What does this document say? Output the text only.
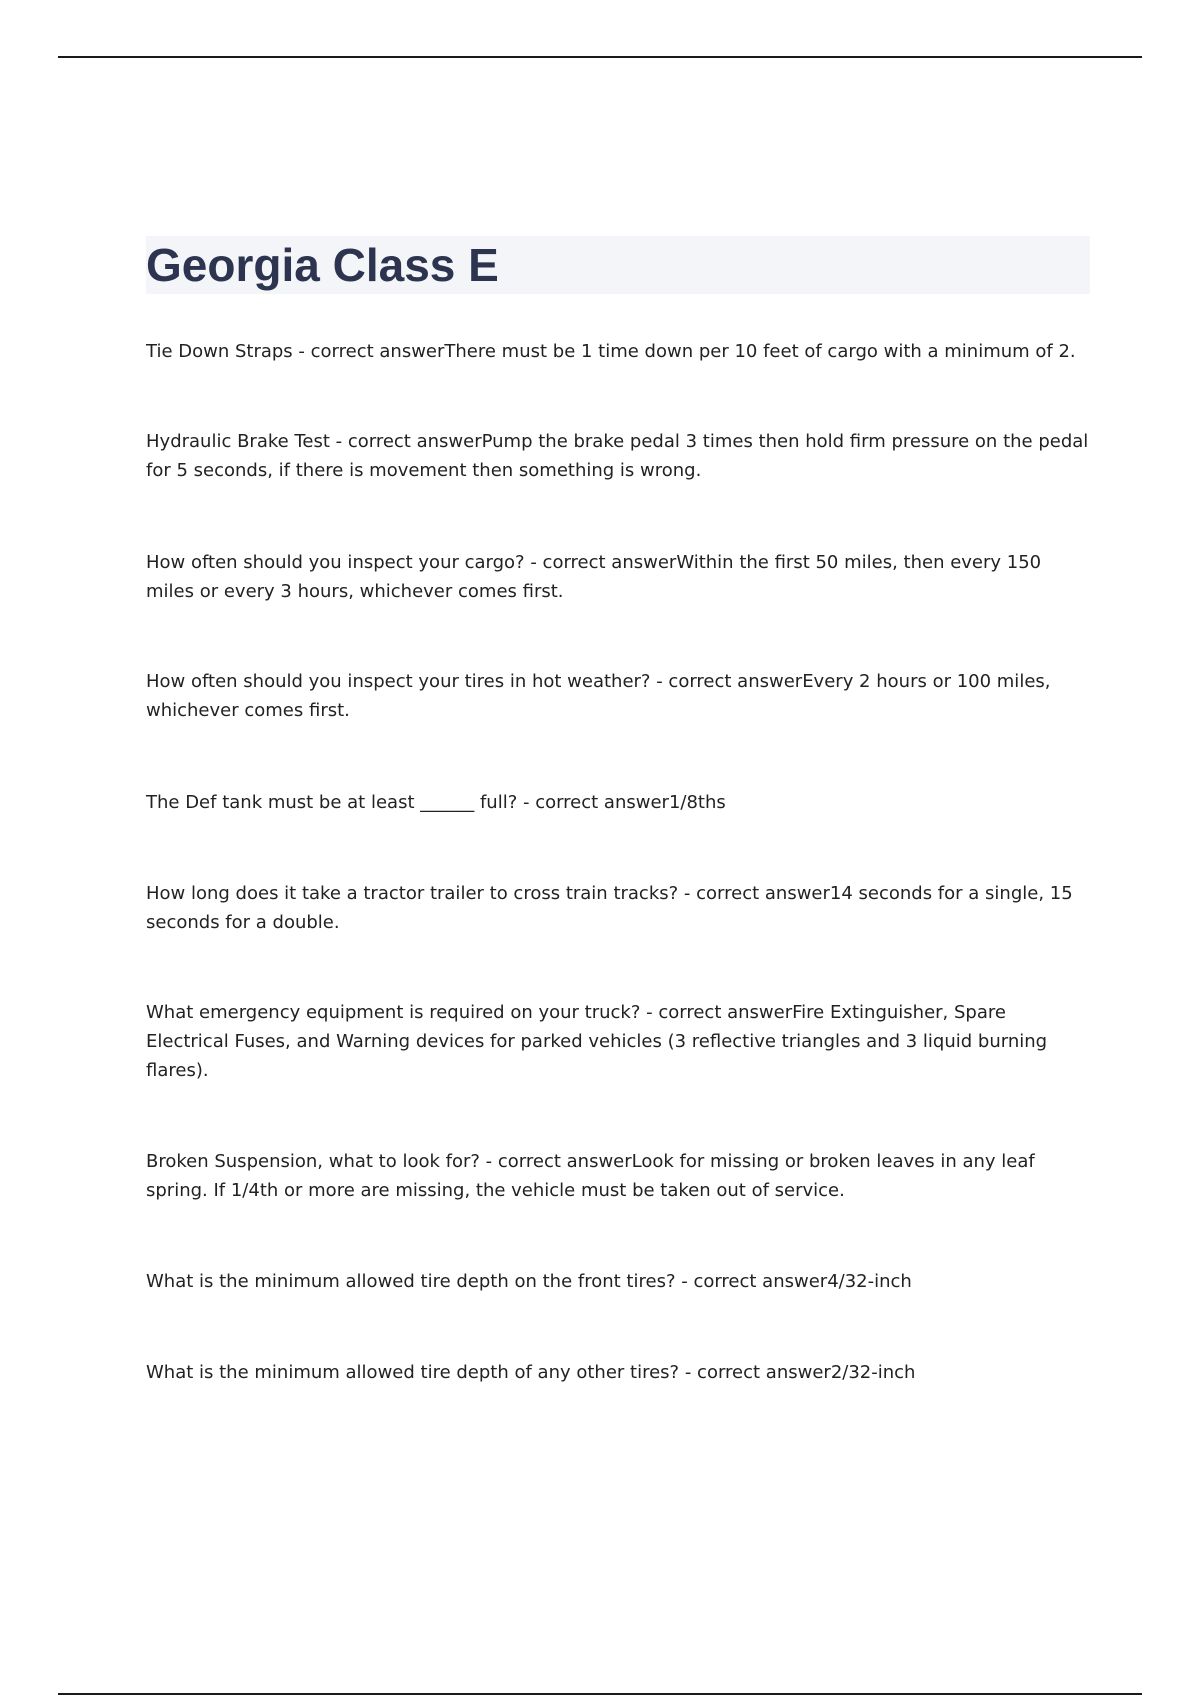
Georgia Class E

Tie Down Straps - correct answerThere must be 1 time down per 10 feet of cargo with a minimum of 2.

Hydraulic Brake Test - correct answerPump the brake pedal 3 times then hold firm pressure on the pedal for 5 seconds, if there is movement then something is wrong.

How often should you inspect your cargo? - correct answerWithin the first 50 miles, then every 150 miles or every 3 hours, whichever comes first.

How often should you inspect your tires in hot weather? - correct answerEvery 2 hours or 100 miles, whichever comes first.

The Def tank must be at least ______ full? - correct answer1/8ths

How long does it take a tractor trailer to cross train tracks? - correct answer14 seconds for a single, 15 seconds for a double.

What emergency equipment is required on your truck? - correct answerFire Extinguisher, Spare Electrical Fuses, and Warning devices for parked vehicles (3 reflective triangles and 3 liquid burning flares).

Broken Suspension, what to look for? - correct answerLook for missing or broken leaves in any leaf spring. If 1/4th or more are missing, the vehicle must be taken out of service.

What is the minimum allowed tire depth on the front tires? - correct answer4/32-inch

What is the minimum allowed tire depth of any other tires? - correct answer2/32-inch
